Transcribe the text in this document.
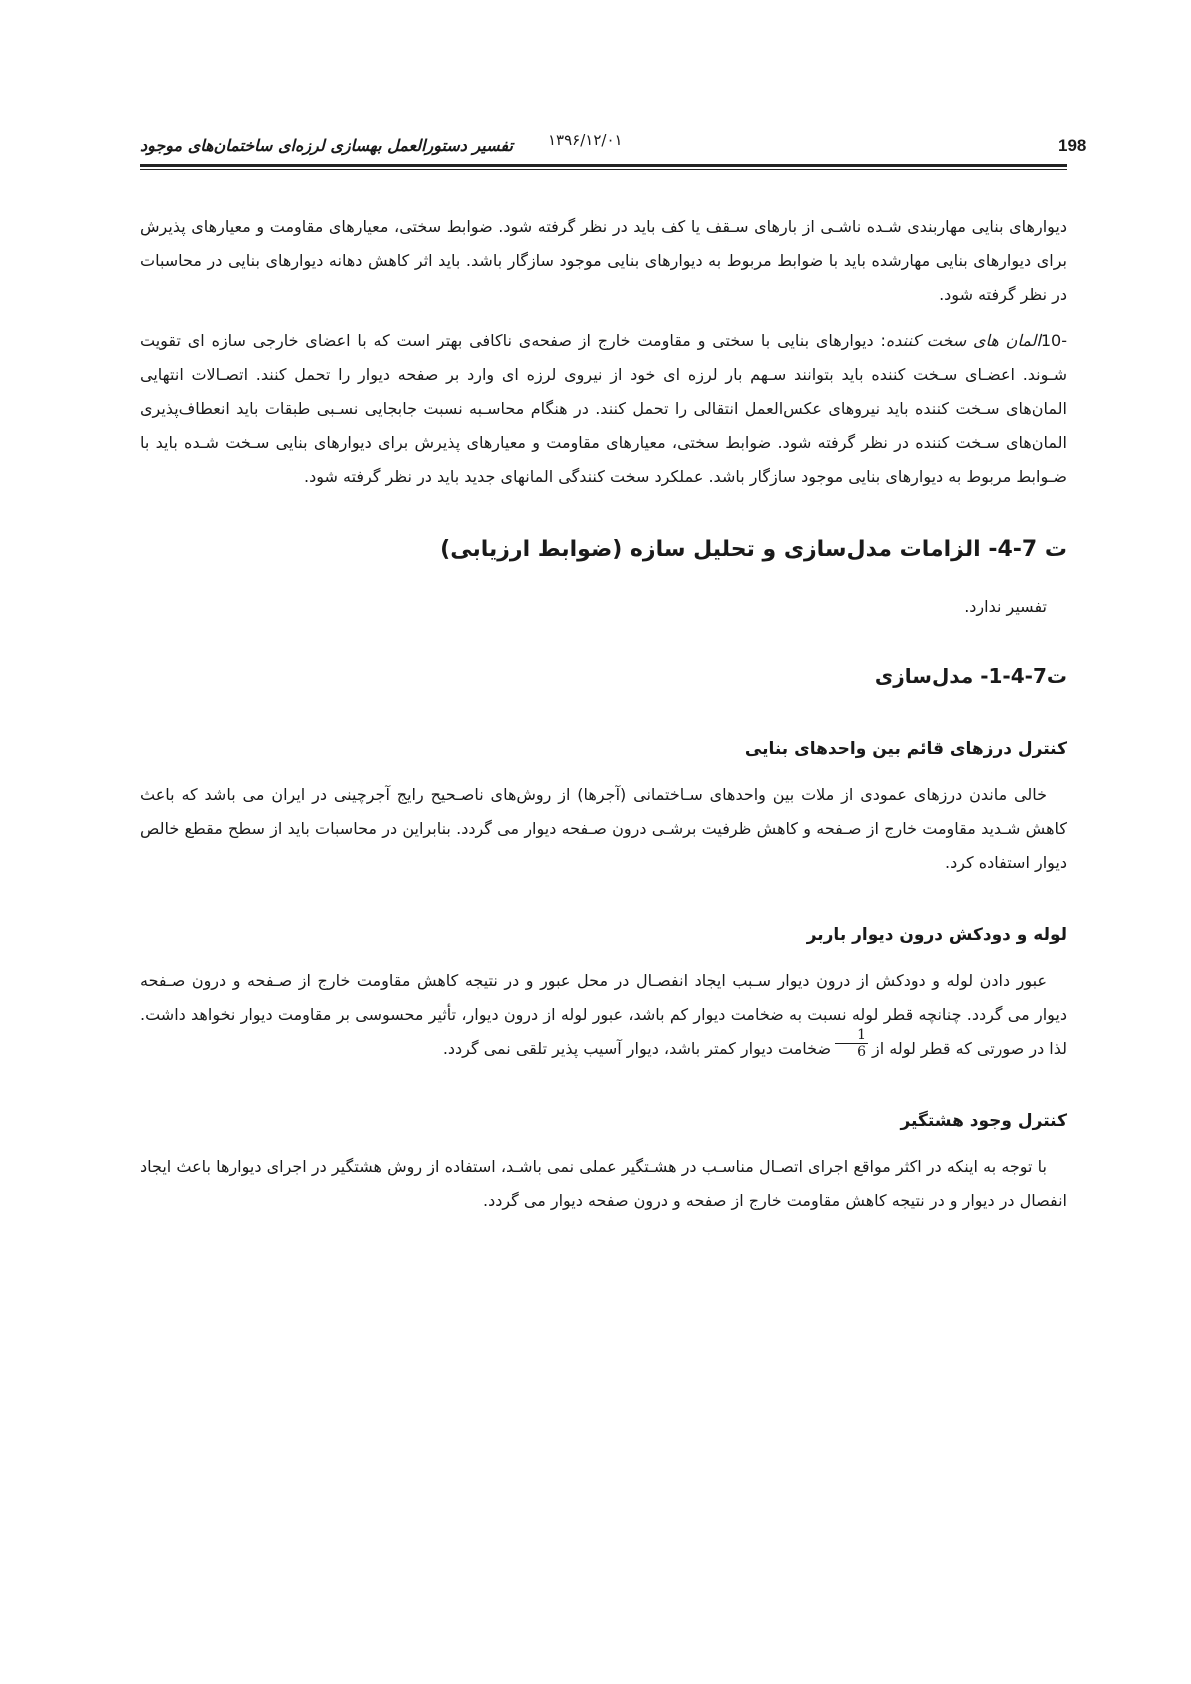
198
۱۳۹۶/۱۲/۰۱
تفسیر دستورالعمل بهسازی لرزه‌ای ساختمان‌های موجود

دیوارهای بنایی مهاربندی شـده ناشـی از بارهای سـقف یا کف باید در نظر گرفته شود. ضوابط سختی، معیارهای مقاومت و معیارهای پذیرش برای دیوارهای بنایی مهارشده باید با ضوابط مربوط به دیوارهای بنایی موجود سازگار باشد. باید اثر کاهش دهانه دیوارهای بنایی در محاسبات در نظر گرفته شود.

10-المان های سخت کننده: دیوارهای بنایی با سختی و مقاومت خارج از صفحه‌ی ناکافی بهتر است که با اعضای خارجی سازه ای تقویت شـوند. اعضـای سـخت کننده باید بتوانند سـهم بار لرزه ای خود از نیروی لرزه ای وارد بر صفحه دیوار را تحمل کنند. اتصـالات انتهایی المان‌های سـخت کننده باید نیروهای عکس‌العمل انتقالی را تحمل کنند. در هنگام محاسـبه نسبت جابجایی نسـبی طبقات باید انعطاف‌پذیری المان‌های سـخت کننده در نظر گرفته شود. ضوابط سختی، معیارهای مقاومت و معیارهای پذیرش برای دیوارهای بنایی سـخت شـده باید با ضـوابط مربوط به دیوارهای بنایی موجود سازگار باشد. عملکرد سخت کنندگی المانهای جدید باید در نظر گرفته شود.

ت 7-4- الزامات مدل‌سازی و تحلیل سازه (ضوابط ارزیابی)
تفسیر ندارد.
ت7-4-1- مدل‌سازی
کنترل درزهای قائم بین واحدهای بنایی

خالی ماندن درزهای عمودی از ملات بین واحدهای سـاختمانی (آجرها) از روش‌های ناصـحیح رایج آجرچینی در ایران می باشد که باعث کاهش شـدید مقاومت خارج از صـفحه و کاهش ظرفیت برشـی درون صـفحه دیوار می گردد. بنابراین در محاسبات باید از سطح مقطع خالص دیوار استفاده کرد.

لوله و دودکش درون دیوار باربر

عبور دادن لوله و دودکش از درون دیوار سـبب ایجاد انفصـال در محل عبور و در نتیجه کاهش مقاومت خارج از صـفحه و درون صـفحه دیوار می گردد. چنانچه قطر لوله نسبت به ضخامت دیوار کم باشد، عبور لوله از درون دیوار، تأثیر محسوسی بر مقاومت دیوار نخواهد داشت. لذا در صورتی که قطر لوله از
$\frac{1}{6}$
ضخامت دیوار کمتر باشد، دیوار آسیب پذیر تلقی نمی گردد.

کنترل وجود هشتگیر

با توجه به اینکه در اکثر مواقع اجرای اتصـال مناسـب در هشـتگیر عملی نمی باشـد، استفاده از روش هشتگیر در اجرای دیوارها باعث ایجاد انفصال در دیوار و در نتیجه کاهش مقاومت خارج از صفحه و درون صفحه دیوار می گردد.
